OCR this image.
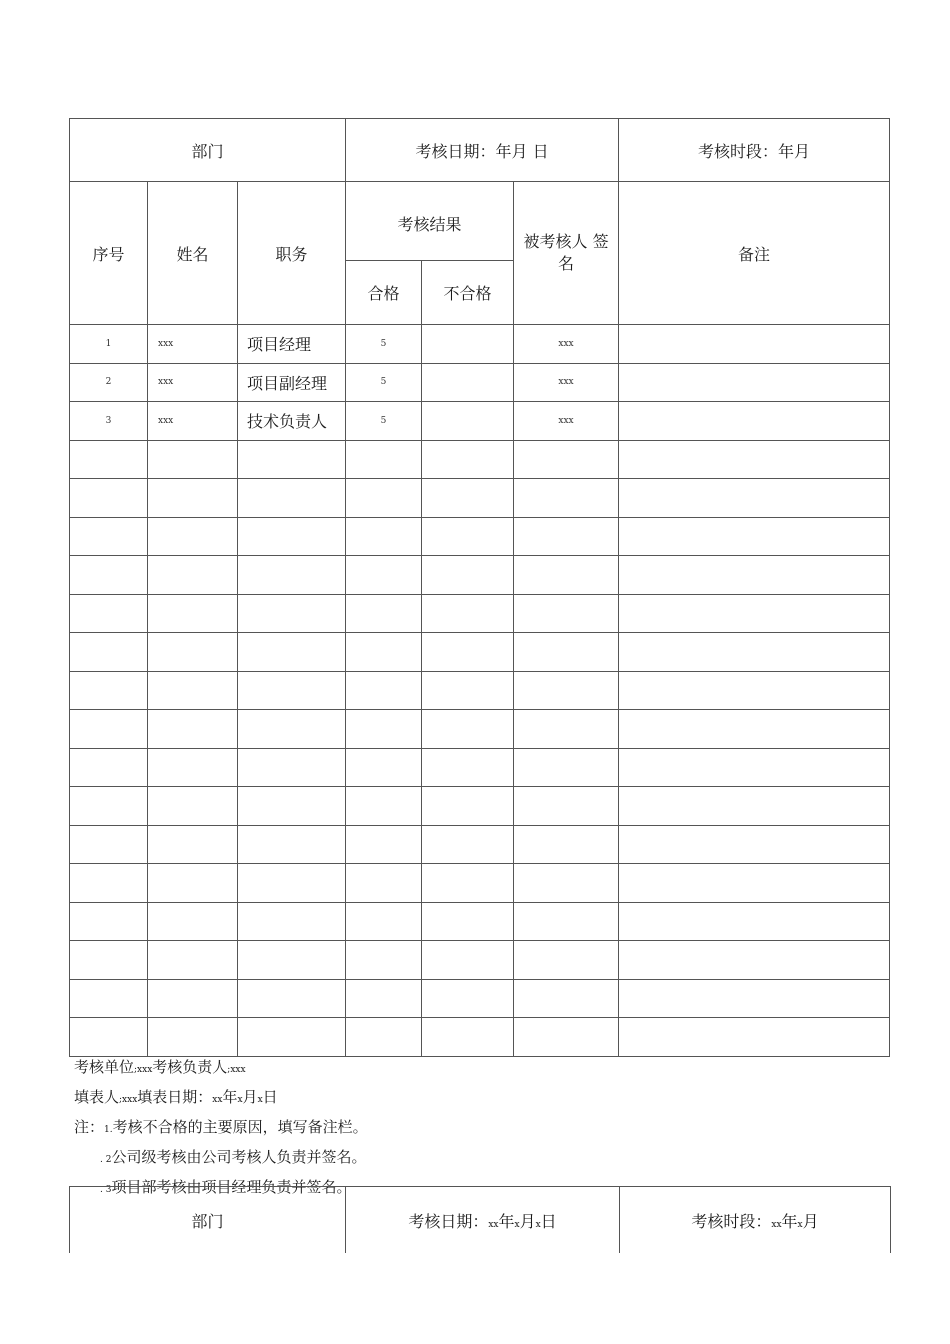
部门			考核日期：年月 日			考核时段：年月
序号	姓名	职务	考核结果		被考核人 签名	备注
			合格	不合格		
1	xxx	项目经理	5		xxx	
2	xxx	项目副经理	5		xxx	
3	xxx	技术负责人	5		xxx	

考核单位;xxx考核负责人;xxx
填表人;xxx填表日期：xx年x月x日
注：1.考核不合格的主要原因，填写备注栏。
. 2公司级考核由公司考核人负责并签名。
. 3项目部考核由项目经理负责并签名。
部门	考核日期：xx年x月x日	考核时段：xx年x月
